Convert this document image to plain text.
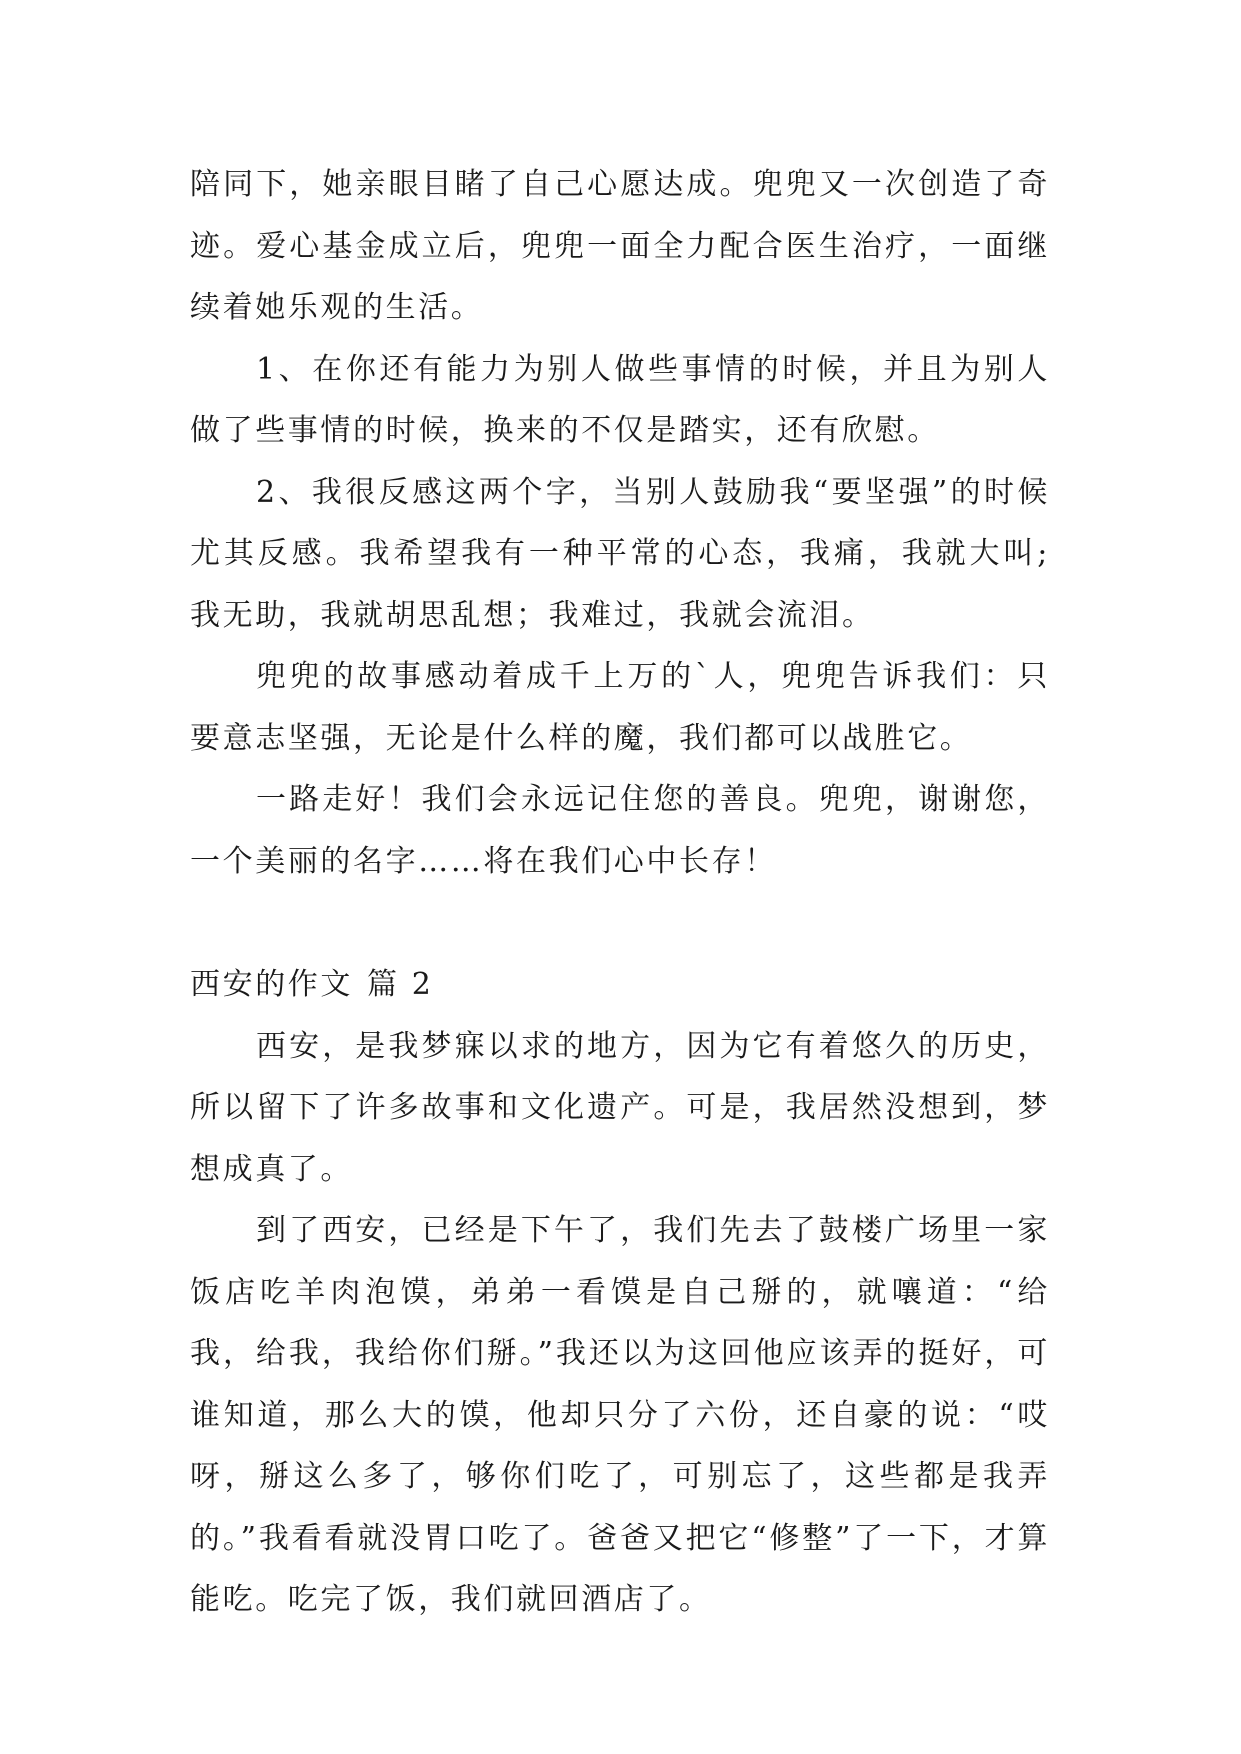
陪同下，她亲眼目睹了自己心愿达成。兜兜又一次创造了奇迹。爱心基金成立后，兜兜一面全力配合医生治疗，一面继续着她乐观的生活。

1、在你还有能力为别人做些事情的时候，并且为别人做了些事情的时候，换来的不仅是踏实，还有欣慰。

2、我很反感这两个字，当别人鼓励我“要坚强”的时候尤其反感。我希望我有一种平常的心态，我痛，我就大叫;我无助，我就胡思乱想；我难过，我就会流泪。

兜兜的故事感动着成千上万的`人，兜兜告诉我们：只要意志坚强，无论是什么样的魔，我们都可以战胜它。

一路走好！我们会永远记住您的善良。兜兜，谢谢您，一个美丽的名字……将在我们心中长存！

西安的作文 篇 2

西安，是我梦寐以求的地方，因为它有着悠久的历史，所以留下了许多故事和文化遗产。可是，我居然没想到，梦想成真了。

到了西安，已经是下午了，我们先去了鼓楼广场里一家饭店吃羊肉泡馍，弟弟一看馍是自己掰的，就嚷道：“给我，给我，我给你们掰。”我还以为这回他应该弄的挺好，可谁知道，那么大的馍，他却只分了六份，还自豪的说：“哎呀，掰这么多了，够你们吃了，可别忘了，这些都是我弄的。”我看看就没胃口吃了。爸爸又把它“修整”了一下，才算能吃。吃完了饭，我们就回酒店了。
